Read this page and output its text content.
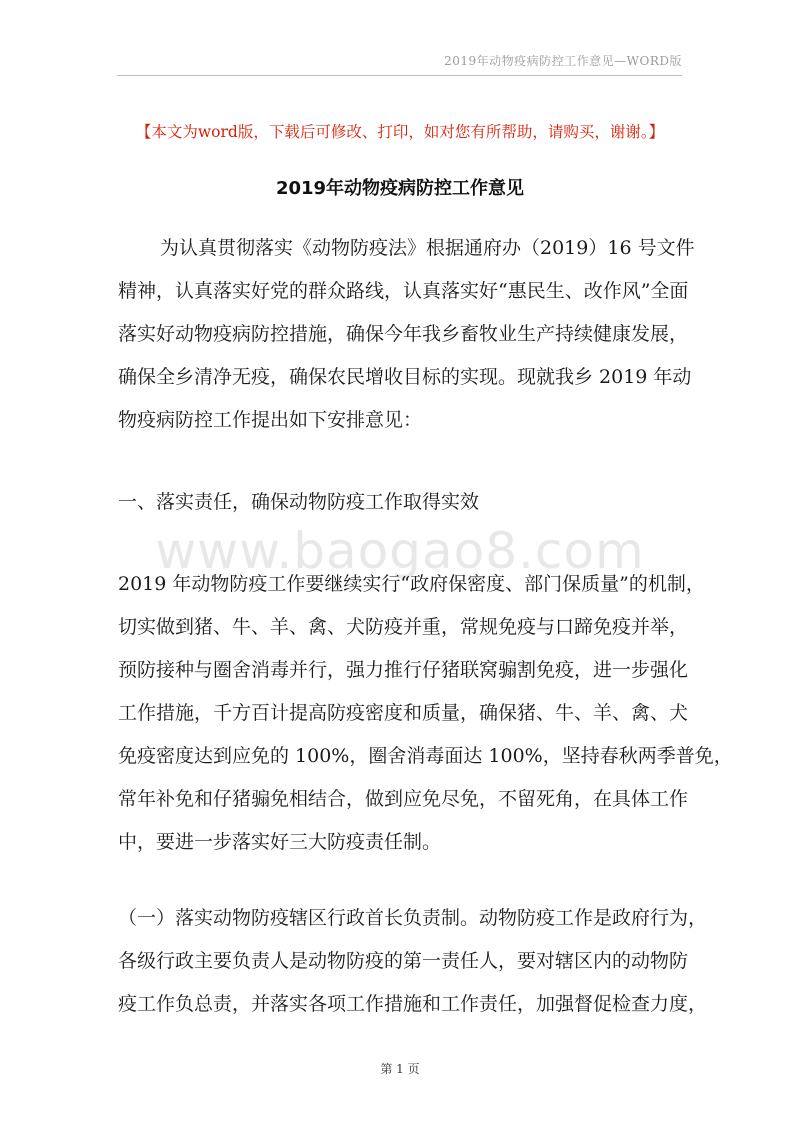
2019年动物疫病防控工作意见—WORD版
【本文为word版，下载后可修改、打印，如对您有所帮助，请购买，谢谢。】
2019年动物疫病防控工作意见
为认真贯彻落实《动物防疫法》根据通府办（2019）16 号文件
精神，认真落实好党的群众路线，认真落实好“惠民生、改作风”全面
落实好动物疫病防控措施，确保今年我乡畜牧业生产持续健康发展，
确保全乡清净无疫，确保农民增收目标的实现。现就我乡 2019 年动
物疫病防控工作提出如下安排意见：
一、落实责任，确保动物防疫工作取得实效
www.baogao8.com
2019 年动物防疫工作要继续实行“政府保密度、部门保质量”的机制，
切实做到猪、牛、羊、禽、犬防疫并重，常规免疫与口蹄免疫并举，
预防接种与圈舍消毒并行，强力推行仔猪联窝骟割免疫，进一步强化
工作措施，千方百计提高防疫密度和质量，确保猪、牛、羊、禽、犬
免疫密度达到应免的 100%，圈舍消毒面达 100%，坚持春秋两季普免，
常年补免和仔猪骟免相结合，做到应免尽免，不留死角，在具体工作
中，要进一步落实好三大防疫责任制。
（一）落实动物防疫辖区行政首长负责制。动物防疫工作是政府行为，
各级行政主要负责人是动物防疫的第一责任人，要对辖区内的动物防
疫工作负总责，并落实各项工作措施和工作责任，加强督促检查力度，
第 1 页
